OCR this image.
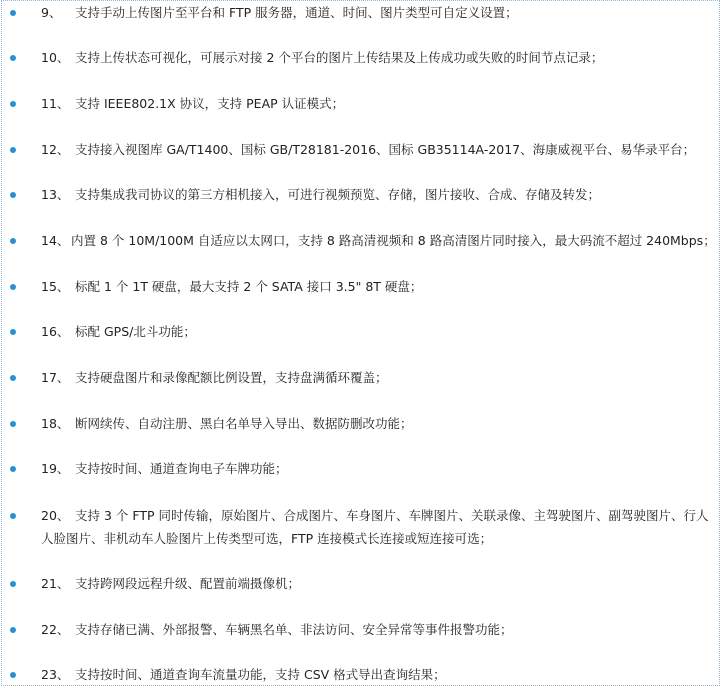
9、 支持手动上传图片至平台和 FTP 服务器，通道、时间、图片类型可自定义设置；
10、 支持上传状态可视化，可展示对接 2 个平台的图片上传结果及上传成功或失败的时间节点记录；
11、 支持 IEEE802.1X 协议，支持 PEAP 认证模式；
12、 支持接入视图库 GA/T1400、国标 GB/T28181-2016、国标 GB35114A-2017、海康威视平台、易华录平台；
13、 支持集成我司协议的第三方相机接入，可进行视频预览、存储，图片接收、合成、存储及转发；
14、 内置 8 个 10M/100M 自适应以太网口，支持 8 路高清视频和 8 路高清图片同时接入，最大码流不超过 240Mbps；
15、 标配 1 个 1T 硬盘，最大支持 2 个 SATA 接口 3.5" 8T 硬盘；
16、 标配 GPS/北斗功能；
17、 支持硬盘图片和录像配额比例设置，支持盘满循环覆盖；
18、 断网续传、自动注册、黑白名单导入导出、数据防删改功能；
19、 支持按时间、通道查询电子车牌功能；
20、 支持 3 个 FTP 同时传输，原始图片、合成图片、车身图片、车牌图片、关联录像、主驾驶图片、副驾驶图片、行人人脸图片、非机动车人脸图片上传类型可选，FTP 连接模式长连接或短连接可选；
21、 支持跨网段远程升级、配置前端摄像机；
22、 支持存储已满、外部报警、车辆黑名单、非法访问、安全异常等事件报警功能；
23、 支持按时间、通道查询车流量功能，支持 CSV 格式导出查询结果；
